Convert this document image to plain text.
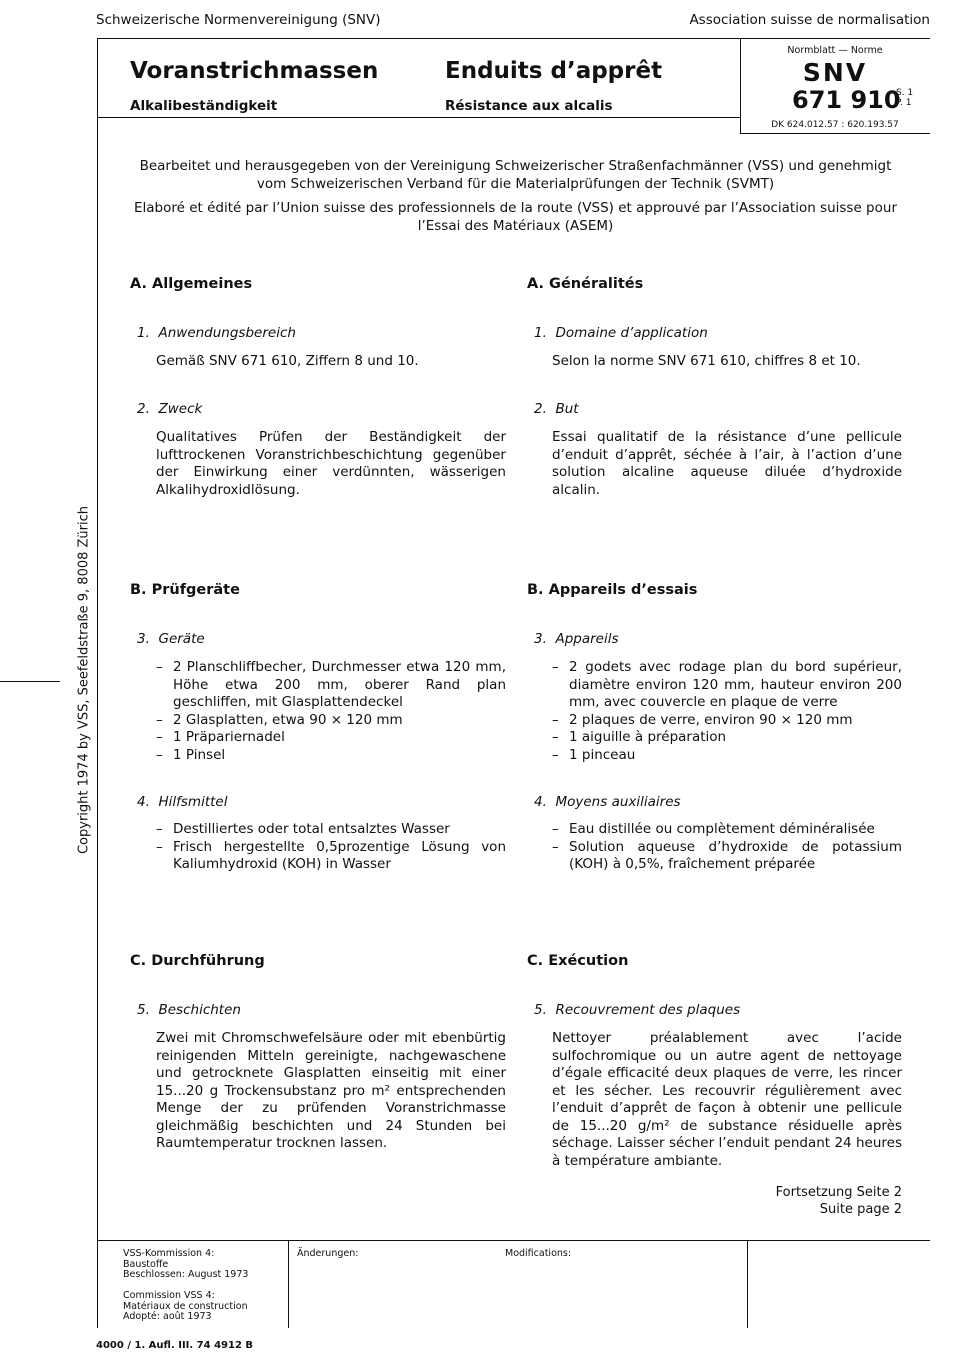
Schweizerische Normenvereinigung (SNV)	Association suisse de normalisation
Voranstrichmassen
Alkalibeständigkeit
Enduits d’apprêt
Résistance aux alcalis
Normblatt — Norme
SNV
671 910
S. 1
P. 1
DK 624.012.57 : 620.193.57
Bearbeitet und herausgegeben von der Vereinigung Schweizerischer Straßenfachmänner (VSS) und genehmigt vom Schweizerischen Verband für die Materialprüfungen der Technik (SVMT)
Elaboré et édité par l’Union suisse des professionnels de la route (VSS) et approuvé par l’Association suisse pour l’Essai des Matériaux (ASEM)
A. Allgemeines	A. Généralités
1. Anwendungsbereich	1. Domaine d’application
Gemäß SNV 671 610, Ziffern 8 und 10.	Selon la norme SNV 671 610, chiffres 8 et 10.
2. Zweck	2. But
Qualitatives Prüfen der Beständigkeit der lufttrockenen Voranstrichbeschichtung gegenüber der Einwirkung einer verdünnten, wässerigen Alkalihydroxidlösung.
Essai qualitatif de la résistance d’une pellicule d’enduit d’apprêt, séchée à l’air, à l’action d’une solution alcaline aqueuse diluée d’hydroxide alcalin.
B. Prüfgeräte	B. Appareils d’essais
3. Geräte	3. Appareils
– 2 Planschliffbecher, Durchmesser etwa 120 mm, Höhe etwa 200 mm, oberer Rand plan geschliffen, mit Glasplattendeckel
– 2 Glasplatten, etwa 90 × 120 mm
– 1 Präpariernadel
– 1 Pinsel
– 2 godets avec rodage plan du bord supérieur, diamètre environ 120 mm, hauteur environ 200 mm, avec couvercle en plaque de verre
– 2 plaques de verre, environ 90 × 120 mm
– 1 aiguille à préparation
– 1 pinceau
4. Hilfsmittel	4. Moyens auxiliaires
– Destilliertes oder total entsalztes Wasser
– Frisch hergestellte 0,5prozentige Lösung von Kaliumhydroxid (KOH) in Wasser
– Eau distillée ou complètement déminéralisée
– Solution aqueuse d’hydroxide de potassium (KOH) à 0,5%, fraîchement préparée
C. Durchführung	C. Exécution
5. Beschichten	5. Recouvrement des plaques
Zwei mit Chromschwefelsäure oder mit ebenbürtig reinigenden Mitteln gereinigte, nachgewaschene und getrocknete Glasplatten einseitig mit einer 15...20 g Trockensubstanz pro m² entsprechenden Menge der zu prüfenden Voranstrichmasse gleichmäßig beschichten und 24 Stunden bei Raumtemperatur trocknen lassen.
Nettoyer préalablement avec l’acide sulfochromique ou un autre agent de nettoyage d’égale efficacité deux plaques de verre, les rincer et les sécher. Les recouvrir régulièrement avec l’enduit d’apprêt de façon à obtenir une pellicule de 15...20 g/m² de substance résiduelle après séchage. Laisser sécher l’enduit pendant 24 heures à température ambiante.
Fortsetzung Seite 2
Suite page 2
Copyright 1974 by VSS, Seefeldstraße 9, 8008 Zürich
VSS-Kommission 4:
Baustoffe
Beschlossen: August 1973
Commission VSS 4:
Matériaux de construction
Adopté: août 1973
Änderungen:	Modifications:
4000 / 1. Aufl. III. 74 4912 B
